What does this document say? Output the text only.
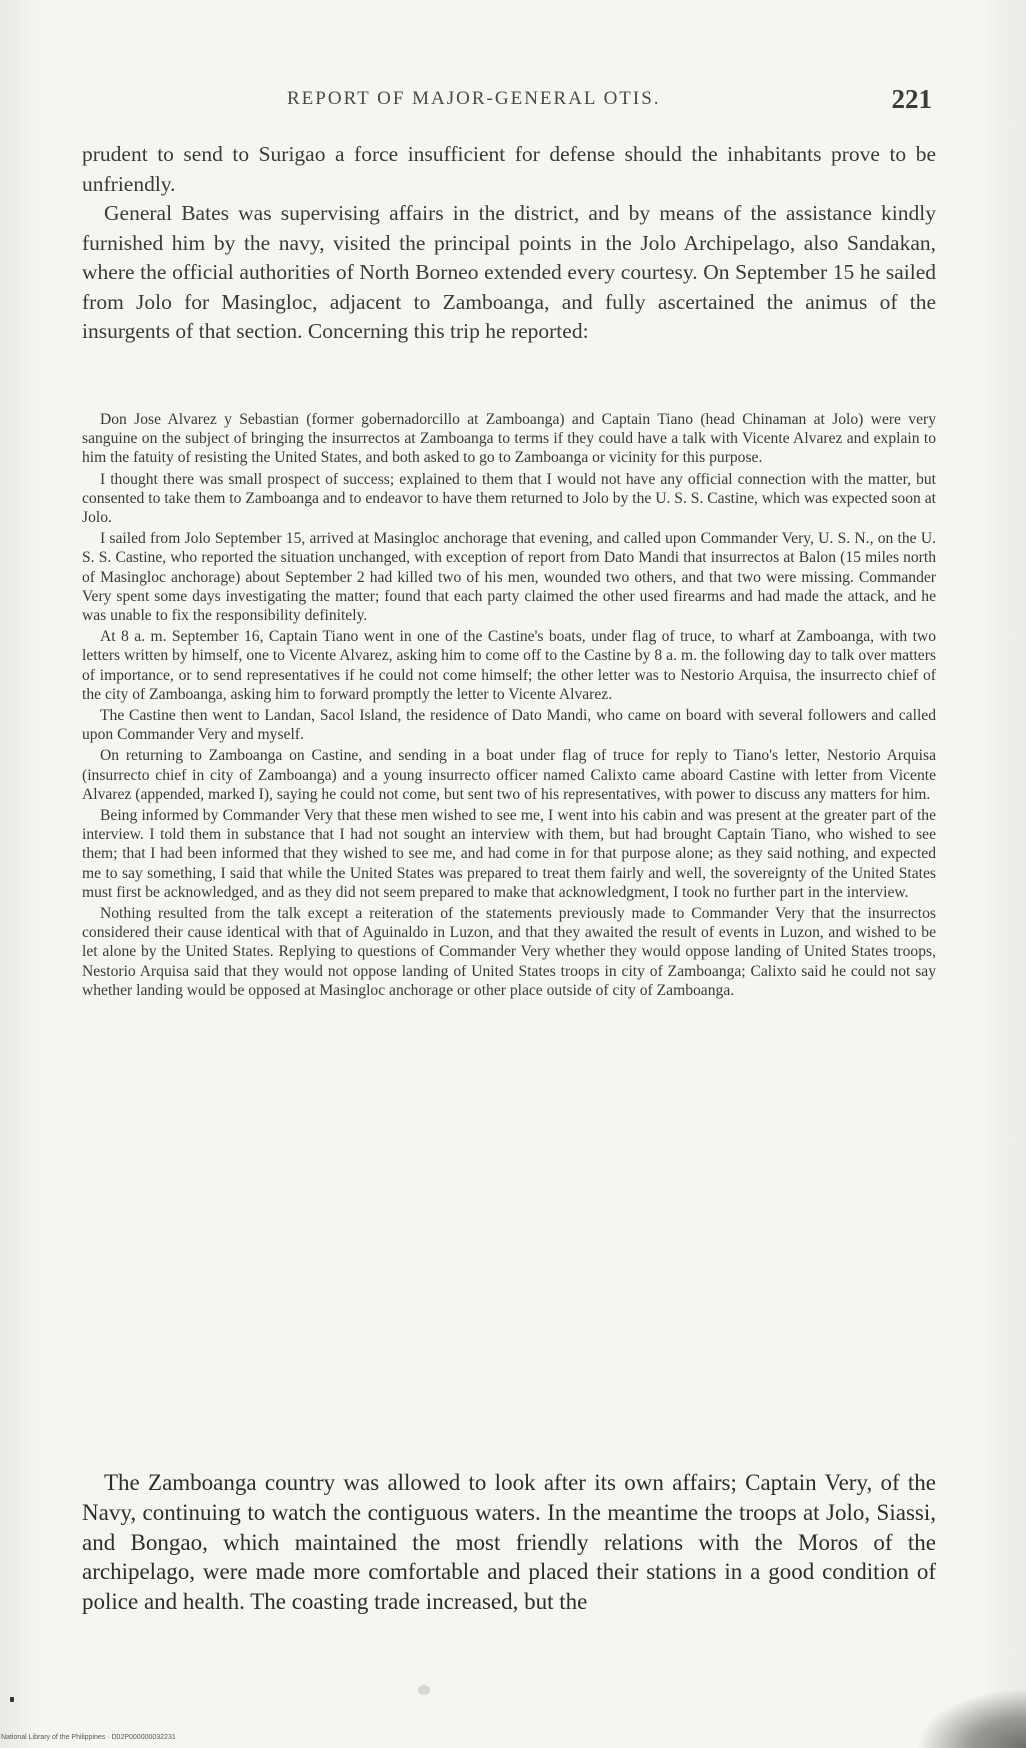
REPORT OF MAJOR-GENERAL OTIS.	221

prudent to send to Surigao a force insufficient for defense should the inhabitants prove to be unfriendly.

General Bates was supervising affairs in the district, and by means of the assistance kindly furnished him by the navy, visited the principal points in the Jolo Archipelago, also Sandakan, where the official authorities of North Borneo extended every courtesy. On September 15 he sailed from Jolo for Masingloc, adjacent to Zamboanga, and fully ascertained the animus of the insurgents of that section. Concerning this trip he reported:

Don Jose Alvarez y Sebastian (former gobernadorcillo at Zamboanga) and Captain Tiano (head Chinaman at Jolo) were very sanguine on the subject of bringing the insurrectos at Zamboanga to terms if they could have a talk with Vicente Alvarez and explain to him the fatuity of resisting the United States, and both asked to go to Zamboanga or vicinity for this purpose.

I thought there was small prospect of success; explained to them that I would not have any official connection with the matter, but consented to take them to Zamboanga and to endeavor to have them returned to Jolo by the U. S. S. Castine, which was expected soon at Jolo.

I sailed from Jolo September 15, arrived at Masingloc anchorage that evening, and called upon Commander Very, U. S. N., on the U. S. S. Castine, who reported the situation unchanged, with exception of report from Dato Mandi that insurrectos at Balon (15 miles north of Masingloc anchorage) about September 2 had killed two of his men, wounded two others, and that two were missing. Commander Very spent some days investigating the matter; found that each party claimed the other used firearms and had made the attack, and he was unable to fix the responsibility definitely.

At 8 a. m. September 16, Captain Tiano went in one of the Castine's boats, under flag of truce, to wharf at Zamboanga, with two letters written by himself, one to Vicente Alvarez, asking him to come off to the Castine by 8 a. m. the following day to talk over matters of importance, or to send representatives if he could not come himself; the other letter was to Nestorio Arquisa, the insurrecto chief of the city of Zamboanga, asking him to forward promptly the letter to Vicente Alvarez.

The Castine then went to Landan, Sacol Island, the residence of Dato Mandi, who came on board with several followers and called upon Commander Very and myself.

On returning to Zamboanga on Castine, and sending in a boat under flag of truce for reply to Tiano's letter, Nestorio Arquisa (insurrecto chief in city of Zamboanga) and a young insurrecto officer named Calixto came aboard Castine with letter from Vicente Alvarez (appended, marked I), saying he could not come, but sent two of his representatives, with power to discuss any matters for him.

Being informed by Commander Very that these men wished to see me, I went into his cabin and was present at the greater part of the interview. I told them in substance that I had not sought an interview with them, but had brought Captain Tiano, who wished to see them; that I had been informed that they wished to see me, and had come in for that purpose alone; as they said nothing, and expected me to say something, I said that while the United States was prepared to treat them fairly and well, the sovereignty of the United States must first be acknowledged, and as they did not seem prepared to make that acknowledgment, I took no further part in the interview.

Nothing resulted from the talk except a reiteration of the statements previously made to Commander Very that the insurrectos considered their cause identical with that of Aguinaldo in Luzon, and that they awaited the result of events in Luzon, and wished to be let alone by the United States. Replying to questions of Commander Very whether they would oppose landing of United States troops, Nestorio Arquisa said that they would not oppose landing of United States troops in city of Zamboanga; Calixto said he could not say whether landing would be opposed at Masingloc anchorage or other place outside of city of Zamboanga.

The Zamboanga country was allowed to look after its own affairs; Captain Very, of the Navy, continuing to watch the contiguous waters. In the meantime the troops at Jolo, Siassi, and Bongao, which maintained the most friendly relations with the Moros of the archipelago, were made more comfortable and placed their stations in a good condition of police and health. The coasting trade increased, but the

National Library of the Philippines · D02P000000032231
